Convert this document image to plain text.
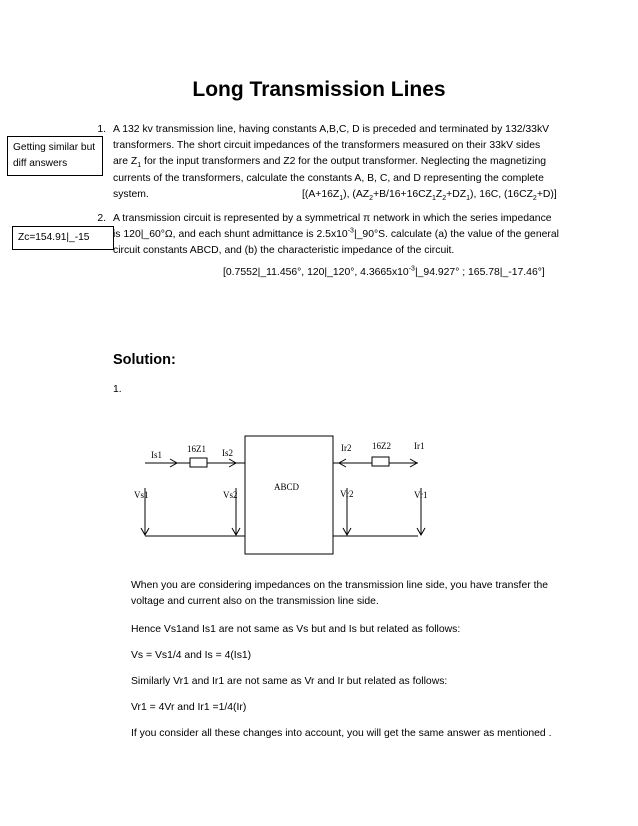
Long Transmission Lines
Getting similar but diff answers
Zc=154.91|_-15
1. A 132 kv transmission line, having constants A,B,C, D is preceded and terminated by 132/33kV
transformers. The short circuit impedances of the transformers measured on their 33kV sides
are $Z_1$ for the input transformers and Z2 for the output transformer. Neglecting the magnetizing
currents of the transformers, calculate the constants A, B, C, and D representing the complete
system.	[$(A+16Z_1)$, $(AZ_2+B/16+16CZ_1Z_2+DZ_1)$, 16C, $(16CZ_2+D)$]
2. A transmission circuit is represented by a symmetrical π network in which the series impedance
is 120|_60°Ω, and each shunt admittance is $2.5x10^{-3}|\_90^\circ S$. calculate (a) the value of the general
circuit constants ABCD, and (b) the characteristic impedance of the circuit.
[0.7552|_11.456°, 120|_120°, $4.3665x10^{-3}|\_94.927^\circ$ ; 165.78|_-17.46°]
Solution:
1.
Is1
16Z1 Is2
ABCD
Ir2 16Z2	Ir1
Vs1	Vs2	Vr2	Vr1
When you are considering impedances on the transmission line side, you have transfer the voltage and current also on the transmission line side.
Hence Vs1and Is1 are not same as Vs but and Is but related as follows:
Vs = Vs1/4 and Is = 4(Is1)
Similarly Vr1 and Ir1 are not same as Vr and Ir but related as follows:
Vr1 = 4Vr and Ir1 =1/4(Ir)
If you consider all these changes into account, you will get the same answer as mentioned .
